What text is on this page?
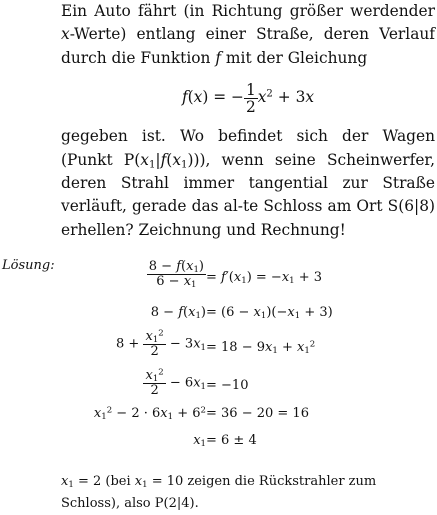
Ein Auto fährt (in Richtung größer werdender x-Werte) entlang einer Straße, deren Verlauf durch die Funktion f mit der Gleichung

f(x) = − $\frac{1}{2} x^2 + 3x$

gegeben ist. Wo befindet sich der Wagen (Punkt $P(x_1|f(x_1))$), wenn seine Scheinwerfer, deren Strahl immer tangential zur Straße verläuft, gerade das al-te Schloss am Ort S(6|8) erhellen? Zeichnung und Rechnung!

Lösung:	$\frac{8 - f(x_1)}{6 - x_1} = f'(x_1) = -x_1 + 3$
$8 - f(x_1) = (6 - x_1)(-x_1 + 3)$
$8 + \frac{x_1^2}{2} - 3x_1 = 18 - 9x_1 + x_1^2$
$\frac{x_1^2}{2} - 6x_1 = -10$
$x_1^2 - 2 \cdot 6x_1 + 6^2 = 36 - 20 = 16$
$x_1 = 6 \pm 4$
$x_1 = 2$ (bei $x_1 = 10$ zeigen die Rückstrahler zum Schloss), also P(2|4).
